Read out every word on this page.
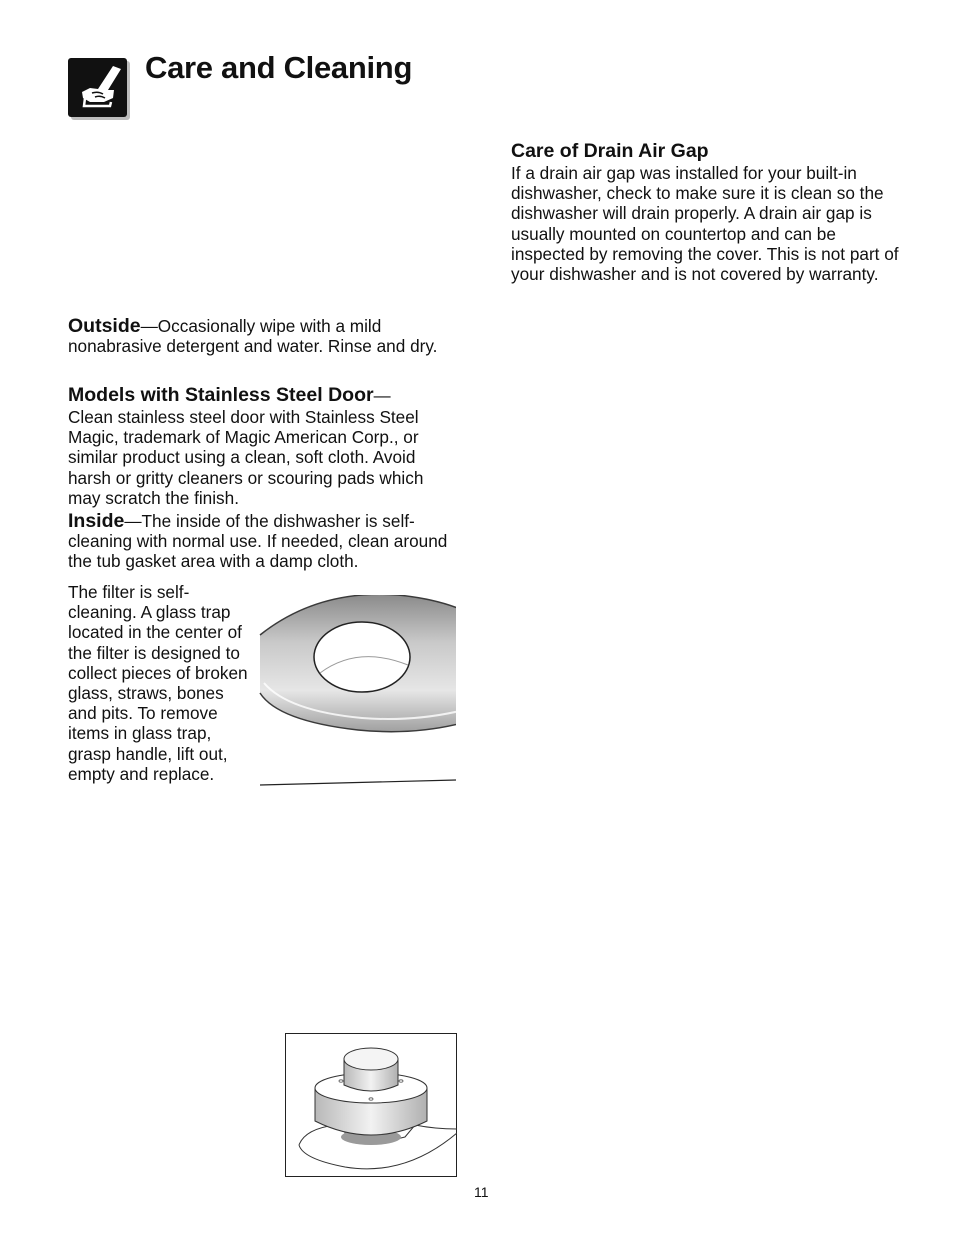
Care and Cleaning

Outside—Occasionally wipe with a mild nonabrasive detergent and water. Rinse and dry.

Models with Stainless Steel Door—

Clean stainless steel door with Stainless Steel Magic, trademark of Magic American Corp., or similar product using a clean, soft cloth. Avoid harsh or gritty cleaners or scouring pads which may scratch the finish.

Inside—The inside of the dishwasher is self-cleaning with normal use. If needed, clean around the tub gasket area with a damp cloth.

The filter is self-cleaning. A glass trap located in the center of the filter is designed to collect pieces of broken glass, straws, bones and pits. To remove items in glass trap, grasp handle, lift out, empty and replace.

Care of Drain Air Gap

If a drain air gap was installed for your built-in dishwasher, check to make sure it is clean so the dishwasher will drain properly. A drain air gap is usually mounted on countertop and can be inspected by removing the cover. This is not part of your dishwasher and is not covered by warranty.

11
